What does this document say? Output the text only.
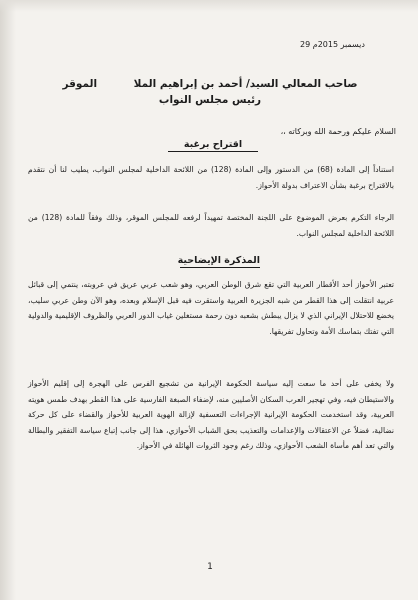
29 ديسمبر 2015م
صاحب المعالي السيد/ أحمد بن إبراهيم الملا          الموقر
رئيس مجلس النواب
السلام عليكم ورحمة الله وبركاته ،،
اقتراح برغبة
استناداً إلى المادة (68) من الدستور وإلى المادة (128) من اللائحة الداخلية لمجلس النواب، يطيب لنا أن نتقدم بالاقتراح برغبة بشأن الاعتراف بدولة الأحواز.
الرجاء التكرم بعرض الموضوع على اللجنة المختصة تمهيداً لرفعه للمجلس الموقر، وذلك وفقاً للمادة (128) من اللائحة الداخلية لمجلس النواب.
المذكرة الإيضاحية
تعتبر الأحواز أحد الأقطار العربية التي تقع شرق الوطن العربي، وهو شعب عربي عريق في عروبته، ينتمي إلى قبائل عربية انتقلت إلى هذا القطر من شبه الجزيرة العربية واستقرت فيه قبل الإسلام وبعده، وهو الآن وطن عربي سليب، يخضع للاحتلال الإيراني الذي لا يزال يبطش بشعبه دون رحمة مستغلين غياب الدور العربي والظروف الإقليمية والدولية التي تفتك بتماسك الأمة وتحاول تفريقها.
ولا يخفى على أحد ما سعت إليه سياسة الحكومة الإيرانية من تشجيع الفرس على الهجرة إلى إقليم الأحواز والاستيطان فيه، وفي تهجير العرب السكان الأصليين منه، لإضفاء الصبغة الفارسية على هذا القطر بهدف طمس هويته العربية، وقد استخدمت الحكومة الإيرانية الإجراءات التعسفية لإزالة الهوية العربية للأحواز والقضاء على كل حركة نضالية، فضلاً عن الاعتقالات والإعدامات والتعذيب بحق الشباب الأحوازي، هذا إلى جانب إتباع سياسة التفقير والبطالة والتي تعد أهم مأساة الشعب الأحوازي، وذلك رغم وجود الثروات الهائلة في الأحواز.
1
